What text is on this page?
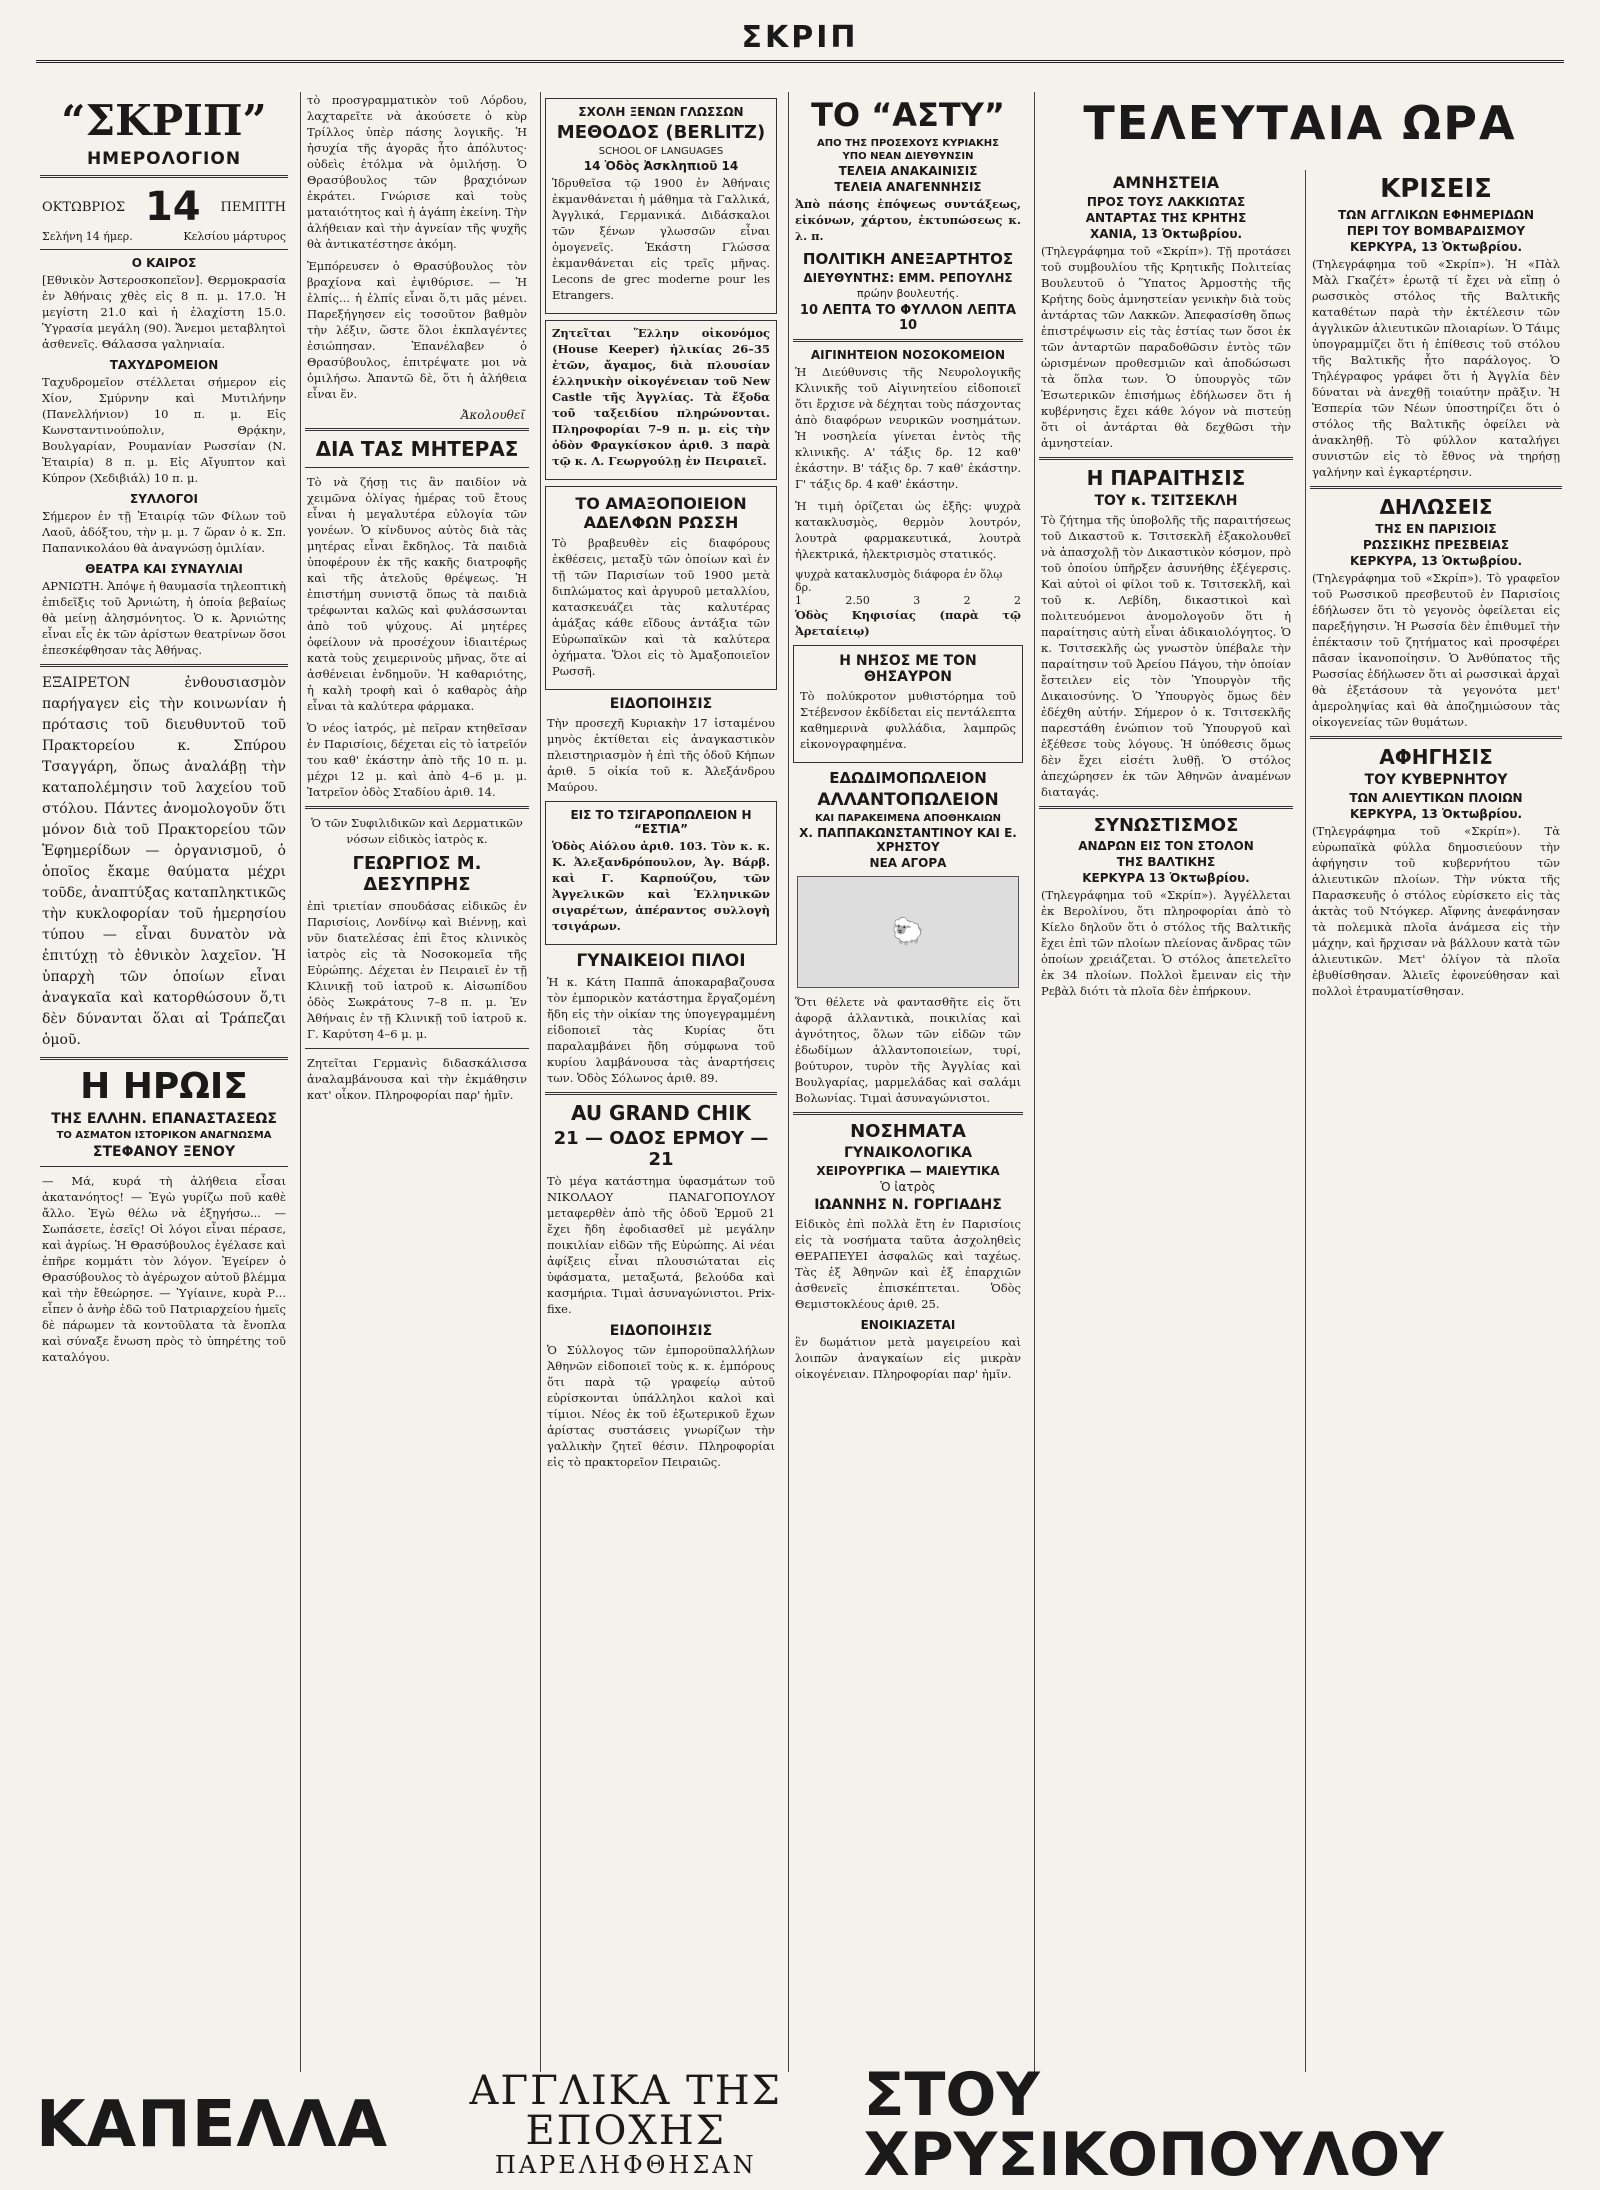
ΣΚΡΙΠ
“ΣΚΡΙΠ”
ΗΜΕΡΟΛΟΓΙΟΝ
ΟΚΤΩΒΡΙΟΣ 14 ΠΕΜΠΤΗ
Σελήνη 14 ήμερ.	Κελσίου μάρτυρος
Ο ΚΑΙΡΟΣ

[Εθνικὸν Ἀστεροσκοπεῖον]. Θερμοκρασία ἐν Ἀθήναις χθὲς εἰς 8 π. μ. 17.0. Ἡ μεγίστη 21.0 καὶ ἡ ἐλαχίστη 15.0. Ὑγρασία μεγάλη (90). Ἄνεμοι μεταβλητοὶ ἀσθενεῖς. Θάλασσα γαληνιαία.

ΤΑΧΥΔΡΟΜΕΙΟΝ

Ταχυδρομεῖον στέλλεται σήμερον εἰς Χίον, Σμύρνην καὶ Μυτιλήνην (Πανελλήνιον) 10 π. μ. Εἰς Κωνσταντινούπολιν, Θρᾴκην, Βουλγαρίαν, Ρουμανίαν Ρωσσίαν (Ν. Ἑταιρία) 8 π. μ. Εἰς Αἴγυπτον καὶ Κύπρον (Χεδιβιάλ) 10 π. μ.

ΣΥΛΛΟΓΟΙ

Σήμερον ἐν τῇ Ἑταιρίᾳ τῶν Φίλων τοῦ Λαοῦ, ἀδόξτου, τὴν μ. μ. 7 ὥραν ὁ κ. Σπ. Παπανικολάου θὰ ἀναγνώσῃ ὁμιλίαν.

ΘΕΑΤΡΑ ΚΑΙ ΣΥΝΑΥΛΙΑΙ

ΑΡΝΙΩΤΗ. Ἀπόψε ἡ θαυμασία τηλεοπτικὴ ἐπιδεῖξις τοῦ Ἀρνιώτη, ἡ ὁποία βεβαίως θὰ μείνῃ ἀλησμόνητος. Ὁ κ. Ἀρνιώτης εἶναι εἷς ἐκ τῶν ἀρίστων θεατρίνων ὅσοι ἐπεσκέφθησαν τὰς Ἀθήνας.

ΕΞΑΙΡΕΤΟΝ ἐνθουσιασμὸν παρήγαγεν εἰς τὴν κοινωνίαν ἡ πρότασις τοῦ διευθυντοῦ τοῦ Πρακτορείου κ. Σπύρου Τσαγγάρη, ὅπως ἀναλάβῃ τὴν καταπολέμησιν τοῦ λαχείου τοῦ στόλου. Πάντες ἀνομολογοῦν ὅτι μόνον διὰ τοῦ Πρακτορείου τῶν Ἐφημερίδων — ὀργανισμοῦ, ὁ ὁποῖος ἔκαμε θαύματα μέχρι τοῦδε, ἀναπτύξας καταπληκτικῶς τὴν κυκλοφορίαν τοῦ ἡμερησίου τύπου — εἶναι δυνατὸν νὰ ἐπιτύχῃ τὸ ἐθνικὸν λαχεῖον. Ἡ ὑπαρχὴ τῶν ὁποίων εἶναι ἀναγκαῖα καὶ κατορθώσουν ὅ,τι δὲν δύνανται ὅλαι αἱ Τράπεζαι ὁμοῦ.

Η ΗΡΩΙΣ
ΤΗΣ ΕΛΛΗΝ. ΕΠΑΝΑΣΤΑΣΕΩΣ
ΤΟ ΑΣΜΑΤΟΝ ΙΣΤΟΡΙΚΟΝ ΑΝΑΓΝΩΣΜΑ
ΣΤΕΦΑΝΟΥ ΞΕΝΟΥ

— Μά, κυρά τὴ ἀλήθεια εἶσαι ἀκατανόητος! — Ἐγὼ γυρίζω ποῦ καθὲ ἄλλο. Ἐγὼ θέλω νὰ ἐξηγήσω... — Σωπάσετε, ἐσεῖς! Οἱ λόγοι εἶναι πέρασε, καὶ ἀγρίως. Ἡ Θρασύβουλος ἐγέλασε καὶ ἐπῆρε κομμάτι τὸν λόγον. Ἐγείρεν ὁ Θρασύβουλος τὸ ἀγέρωχον αὐτοῦ βλέμμα καὶ τὴν ἔθεώρησε. — Ὑγίαινε, κυρὰ Ρ... εἶπεν ὁ ἀνὴρ ἐδῶ τοῦ Πατριαρχείου ἡμεῖς δὲ πάρωμεν τὰ κοντοῦλατα τὰ ἔνοπλα καὶ σύναξε ἔνωση πρὸς τὸ ὑπηρέτης τοῦ καταλόγου.

τὸ προσγραμματικὸν τοῦ Λόρδου, λαχταρεῖτε νὰ ἀκούσετε ὁ κὺρ Τρίλλος ὑπὲρ πάσης λογικῆς. Ἡ ἡσυχία τῆς ἀγορᾶς ἦτο ἀπόλυτος· οὐδεὶς ἐτόλμα νὰ ὁμιλήσῃ. Ὁ Θρασύβουλος τῶν βραχιόνων ἐκράτει. Γνώρισε καὶ τοὺς ματαιότητος καὶ ἡ ἀγάπη ἐκείνη. Τὴν ἀλήθειαν καὶ τὴν ἁγνείαν τῆς ψυχῆς θὰ ἀντικατέστησε ἀκόμη.

Ἐμπόρευσεν ὁ Θρασύβουλος τὸν βραχίονα καὶ ἐψιθύρισε. — Ἡ ἐλπίς... ἡ ἐλπίς εἶναι ὅ,τι μᾶς μένει. Παρεξήγησεν εἰς τοσοῦτον βαθμὸν τὴν λέξιν, ὥστε ὅλοι ἐκπλαγέντες ἐσιώπησαν. Ἐπανέλαβεν ὁ Θρασύβουλος, ἐπιτρέψατε μοι νὰ ὁμιλήσω. Ἀπαντῶ δὲ, ὅτι ἡ ἀλήθεια εἶναι ἕν.

Ἀκολουθεῖ
ΔΙΑ ΤΑΣ ΜΗΤΕΡΑΣ

Τὸ νὰ ζήσῃ τις ἂν παιδίον νὰ χειμῶνα ὀλίγας ἡμέρας τοῦ ἔτους εἶναι ἡ μεγαλυτέρα εὐλογία τῶν γονέων. Ὁ κίνδυνος αὐτὸς διὰ τὰς μητέρας εἶναι ἔκδηλος. Τὰ παιδιὰ ὑποφέρουν ἐκ τῆς κακῆς διατροφῆς καὶ τῆς ἀτελοῦς θρέψεως. Ἡ ἐπιστήμη συνιστᾷ ὅπως τὰ παιδιὰ τρέφωνται καλῶς καὶ φυλάσσωνται ἀπὸ τοῦ ψύχους. Αἱ μητέρες ὀφείλουν νὰ προσέχουν ἰδιαιτέρως κατὰ τοὺς χειμερινοὺς μῆνας, ὅτε αἱ ἀσθένειαι ἐνδημοῦν. Ἡ καθαριότης, ἡ καλὴ τροφὴ καὶ ὁ καθαρὸς ἀὴρ εἶναι τὰ καλύτερα φάρμακα.

Ὁ νέος ἰατρός, μὲ πεῖραν κτηθεῖσαν ἐν Παρισίοις, δέχεται εἰς τὸ ἰατρεῖόν του καθ' ἑκάστην ἀπὸ τῆς 10 π. μ. μέχρι 12 μ. καὶ ἀπὸ 4–6 μ. μ. Ἰατρεῖον ὁδὸς Σταδίου ἀριθ. 14.

Ὁ τῶν Συφιλιδικῶν καὶ Δερματικῶν νόσων εἰδικὸς ἰατρὸς κ.

ΓΕΩΡΓΙΟΣ Μ. ΔΕΣΥΠΡΗΣ

ἐπὶ τριετίαν σπουδάσας εἰδικῶς ἐν Παρισίοις, Λονδίνῳ καὶ Βιέννῃ, καὶ νῦν διατελέσας ἐπὶ ἔτος κλινικὸς ἰατρὸς εἰς τὰ Νοσοκομεῖα τῆς Εὐρώπης. Δέχεται ἐν Πειραιεῖ ἐν τῇ Κλινικῇ τοῦ ἰατροῦ κ. Αἰσωπίδου ὁδὸς Σωκράτους 7–8 π. μ. Ἐν Ἀθήναις ἐν τῇ Κλινικῇ τοῦ ἰατροῦ κ. Γ. Καρύτση 4–6 μ. μ.

Ζητεῖται Γερμανὶς διδασκάλισσα ἀναλαμβάνουσα καὶ τὴν ἐκμάθησιν κατ' οἶκον. Πληροφορίαι παρ' ἡμῖν.

ΣΧΟΛΗ ΞΕΝΩΝ ΓΛΩΣΣΩΝ
ΜΕΘΟΔΟΣ (BERLITZ)
SCHOOL OF LANGUAGES
14 Ὁδὸς Ἀσκληπιοῦ 14

Ἱδρυθεῖσα τῷ 1900 ἐν Ἀθήναις ἐκμανθάνεται ἡ μάθημα τὰ Γαλλικά, Ἀγγλικά, Γερμανικά. Διδάσκαλοι τῶν ξένων γλωσσῶν εἶναι ὁμογενεῖς. Ἐκάστη Γλώσσα ἐκμανθάνεται εἰς τρεῖς μῆνας. Lecons de grec moderne pour les Etrangers.

Ζητεῖται Ἕλλην οἰκονόμος (House Keeper) ἡλικίας 26–35 ἐτῶν, ἄγαμος, διὰ πλουσίαν ἑλληνικὴν οἰκογένειαν τοῦ New Castle τῆς Ἀγγλίας. Τὰ ἔξοδα τοῦ ταξειδίου πληρώνονται. Πληροφορίαι 7–9 π. μ. εἰς τὴν ὁδὸν Φραγκίσκον ἀριθ. 3 παρὰ τῷ κ. Λ. Γεωργούλῃ ἐν Πειραιεῖ.

ΤΟ ΑΜΑΞΟΠΟΙΕΙΟΝ ΑΔΕΛΦΩΝ ΡΩΣΣΗ

Τὸ βραβευθὲν εἰς διαφόρους ἐκθέσεις, μεταξὺ τῶν ὁποίων καὶ ἐν τῇ τῶν Παρισίων τοῦ 1900 μετὰ διπλώματος καὶ ἀργυροῦ μεταλλίου, κατασκευάζει τὰς καλυτέρας ἁμάξας κάθε εἴδους ἀντάξια τῶν Εὐρωπαϊκῶν καὶ τὰ καλύτερα ὀχήματα. Ὅλοι εἰς τὸ Ἀμαξοποιεῖον Ρωσσῆ.

ΕΙΔΟΠΟΙΗΣΙΣ

Τὴν προσεχῆ Κυριακὴν 17 ἰσταμένου μηνὸς ἐκτίθεται εἰς ἀναγκαστικὸν πλειστηριασμὸν ἡ ἐπὶ τῆς ὁδοῦ Κήπων ἀριθ. 5 οἰκία τοῦ κ. Ἀλεξάνδρου Μαύρου.

ΕΙΣ ΤΟ ΤΣΙΓΑΡΟΠΩΛΕΙΟΝ Η “ΕΣΤΙΑ”

Ὁδὸς Αἰόλου ἀριθ. 103. Τὸν κ. κ. Κ. Ἀλεξανδρόπουλον, Ἀγ. Βάρβ. καὶ Γ. Καρπούζου, τῶν Ἀγγελικῶν καὶ Ἑλληνικῶν σιγαρέτων, ἀπέραντος συλλογὴ τσιγάρων.

ΓΥΝΑΙΚΕΙΟΙ ΠΙΛΟΙ

Ἡ κ. Κάτη Παππᾶ ἀποκαραβαζουσα τὸν ἐμπορικὸν κατάστημα ἔργαζομένη ἤδη εἰς τὴν οἰκίαν της ὑπογεγραμμένη εἰδοποιεῖ τὰς Κυρίας ὅτι παραλαμβάνει ἤδη σύμφωνα τοῦ κυρίου λαμβάνουσα τὰς ἀναρτήσεις των. Ὁδὸς Σόλωνος ἀριθ. 89.

AU GRAND CHIK
21 — ΟΔΟΣ ΕΡΜΟΥ — 21

Τὸ μέγα κατάστημα ὑφασμάτων τοῦ ΝΙΚΟΛΑΟΥ ΠΑΝΑΓΟΠΟΥΛΟΥ μεταφερθὲν ἀπὸ τῆς ὁδοῦ Ἑρμοῦ 21 ἔχει ἤδη ἐφοδιασθεῖ μὲ μεγάλην ποικιλίαν εἰδῶν τῆς Εὐρώπης. Αἱ νέαι ἀφίξεις εἶναι πλουσιώταται εἰς ὑφάσματα, μεταξωτά, βελούδα καὶ κασμήρια. Τιμαὶ ἀσυναγώνιστοι. Prix-fixe.

ΕΙΔΟΠΟΙΗΣΙΣ

Ὁ Σύλλογος τῶν ἐμποροϋπαλλήλων Ἀθηνῶν εἰδοποιεῖ τοὺς κ. κ. ἐμπόρους ὅτι παρὰ τῷ γραφείῳ αὐτοῦ εὑρίσκονται ὑπάλληλοι καλοὶ καὶ τίμιοι. Νέος ἐκ τοῦ ἐξωτερικοῦ ἔχων ἀρίστας συστάσεις γνωρίζων τὴν γαλλικὴν ζητεῖ θέσιν. Πληροφορίαι εἰς τὸ πρακτορεῖον Πειραιῶς.

ΤΟ “ΑΣΤΥ”
ΑΠΟ ΤΗΣ ΠΡΟΣΕΧΟΥΣ ΚΥΡΙΑΚΗΣ
ΥΠΟ ΝΕΑΝ ΔΙΕΥΘΥΝΣΙΝ
ΤΕΛΕΙΑ ΑΝΑΚΑΙΝΙΣΙΣ
ΤΕΛΕΙΑ ΑΝΑΓΕΝΝΗΣΙΣ

Ἀπὸ πάσης ἐπόψεως συντάξεως, εἰκόνων, χάρτου, ἐκτυπώσεως κ. λ. π.

ΠΟΛΙΤΙΚΗ ΑΝΕΞΑΡΤΗΤΟΣ
ΔΙΕΥΘΥΝΤΗΣ: ΕΜΜ. ΡΕΠΟΥΛΗΣ
πρώην βουλευτής.
10 ΛΕΠΤΑ ΤΟ ΦΥΛΛΟΝ ΛΕΠΤΑ 10
ΑΙΓΙΝΗΤΕΙΟΝ ΝΟΣΟΚΟΜΕΙΟΝ

Ἡ Διεύθυνσις τῆς Νευρολογικῆς Κλινικῆς τοῦ Αἰγινητείου εἰδοποιεῖ ὅτι ἔρχισε νὰ δέχηται τοὺς πάσχοντας ἀπὸ διαφόρων νευρικῶν νοσημάτων. Ἡ νοσηλεία γίνεται ἐντὸς τῆς κλινικῆς. Α' τάξις δρ. 12 καθ' ἑκάστην. Β' τάξις δρ. 7 καθ' ἑκάστην. Γ' τάξις δρ. 4 καθ' ἑκάστην.

Ἡ τιμὴ ὁρίζεται ὡς ἑξῆς: ψυχρὰ κατακλυσμὸς, θερμὸν λουτρόν, λουτρὰ φαρμακευτικά, λουτρὰ ἠλεκτρικά, ἠλεκτρισμὸς στατικός.

ψυχρὰ κατακλυσμὸς διάφορα ἐν ὅλῳ δρ.
1	2.50	3	2	2

Ὁδὸς Κηφισίας (παρὰ τῷ Ἀρεταίειῳ)

Η ΝΗΣΟΣ ΜΕ ΤΟΝ ΘΗΣΑΥΡΟΝ

Τὸ πολύκροτον μυθιστόρημα τοῦ Στέβενσον ἐκδίδεται εἰς πεντάλεπτα καθημερινὰ φυλλάδια, λαμπρῶς εἰκονογραφημένα.

ΕΔΩΔΙΜΟΠΩΛΕΙΟΝ
ΑΛΛΑΝΤΟΠΩΛΕΙΟΝ
ΚΑΙ ΠΑΡΑΚΕΙΜΕΝΑ ΑΠΟΘΗΚΑΙΩΝ
Χ. ΠΑΠΠΑΚΩΝΣΤΑΝΤΙΝΟΥ ΚΑΙ Ε. ΧΡΗΣΤΟΥ
ΝΕΑ ΑΓΟΡΑ
🐑

Ὅτι θέλετε νὰ φαντασθῆτε εἰς ὅτι ἀφορᾷ ἀλλαντικὰ, ποικιλίας καὶ ἀγνότητος, ὅλων τῶν εἰδῶν τῶν ἐδωδίμων ἀλλαντοποιείων, τυρί, βούτυρον, τυρὸν τῆς Ἀγγλίας καὶ Βουλγαρίας, μαρμελάδας καὶ σαλάμι Βολωνίας. Τιμαὶ ἀσυναγώνιστοι.

ΝΟΣΗΜΑΤΑ
ΓΥΝΑΙΚΟΛΟΓΙΚΑ
ΧΕΙΡΟΥΡΓΙΚΑ — ΜΑΙΕΥΤΙΚΑ
Ὁ ἰατρὸς
ΙΩΑΝΝΗΣ Ν. ΓΟΡΓΙΑΔΗΣ

Εἰδικὸς ἐπὶ πολλὰ ἔτη ἐν Παρισίοις εἰς τὰ νοσήματα ταῦτα ἀσχοληθεὶς ΘΕΡΑΠΕΥΕΙ ἀσφαλῶς καὶ ταχέως. Τὰς ἐξ Ἀθηνῶν καὶ ἐξ ἐπαρχιῶν ἀσθενεῖς ἐπισκέπτεται. Ὁδὸς Θεμιστοκλέους ἀριθ. 25.

ΕΝΟΙΚΙΑΖΕΤΑΙ

ἓν δωμάτιον μετὰ μαγειρείου καὶ λοιπῶν ἀναγκαίων εἰς μικρὰν οἰκογένειαν. Πληροφορίαι παρ' ἡμῖν.

ΤΕΛΕΥΤΑΙΑ ΩΡΑ
ΑΜΝΗΣΤΕΙΑ
ΠΡΟΣ ΤΟΥΣ ΛΑΚΚΙΩΤΑΣ
ΑΝΤΑΡΤΑΣ ΤΗΣ ΚΡΗΤΗΣ
ΧΑΝΙΑ, 13 Ὀκτωβρίου.

(Τηλεγράφημα τοῦ «Σκρίπ»). Τῇ προτάσει τοῦ συμβουλίου τῆς Κρητικῆς Πολιτείας Βουλευτοῦ ὁ Ὕπατος Ἁρμοστὴς τῆς Κρήτης δοὺς ἀμνηστείαν γενικὴν διὰ τοὺς ἀντάρτας τῶν Λακκῶν. Ἀπεφασίσθη ὅπως ἐπιστρέψωσιν εἰς τὰς ἑστίας των ὅσοι ἐκ τῶν ἀνταρτῶν παραδοθῶσιν ἐντὸς τῶν ὡρισμένων προθεσμιῶν καὶ ἀποδώσωσι τὰ ὅπλα των. Ὁ ὑπουργὸς τῶν Ἐσωτερικῶν ἐπισήμως ἐδήλωσεν ὅτι ἡ κυβέρνησις ἔχει κάθε λόγον νὰ πιστεύῃ ὅτι οἱ ἀντάρται θὰ δεχθῶσι τὴν ἀμνηστείαν.

Η ΠΑΡΑΙΤΗΣΙΣ
ΤΟΥ κ. ΤΣΙΤΣΕΚΛΗ

Τὸ ζήτημα τῆς ὑποβολῆς τῆς παραιτήσεως τοῦ Δικαστοῦ κ. Τσιτσεκλῆ ἐξακολουθεῖ νὰ ἀπασχολῇ τὸν Δικαστικὸν κόσμον, πρὸ τοῦ ὁποίου ὑπῆρξεν ἀσυνήθης ἐξέγερσις. Καὶ αὐτοὶ οἱ φίλοι τοῦ κ. Τσιτσεκλῆ, καὶ τοῦ κ. Λεβίδη, δικαστικοὶ καὶ πολιτευόμενοι ἀνομολογοῦν ὅτι ἡ παραίτησις αὐτὴ εἶναι ἀδικαιολόγητος. Ὁ κ. Τσιτσεκλῆς ὡς γνωστὸν ὑπέβαλε τὴν παραίτησιν τοῦ Ἀρείου Πάγου, τὴν ὁποίαν ἔστειλεν εἰς τὸν Ὑπουργὸν τῆς Δικαιοσύνης. Ὁ Ὑπουργὸς ὅμως δὲν ἐδέχθη αὐτήν. Σήμερον ὁ κ. Τσιτσεκλῆς παρεστάθη ἐνώπιον τοῦ Ὑπουργοῦ καὶ ἐξέθεσε τοὺς λόγους. Ἡ ὑπόθεσις ὅμως δὲν ἔχει εἰσέτι λυθῇ. Ὁ στόλος ἀπεχώρησεν ἐκ τῶν Ἀθηνῶν ἀναμένων διαταγάς.

ΣΥΝΩΣΤΙΣΜΟΣ
ΑΝΔΡΩΝ ΕΙΣ ΤΟΝ ΣΤΟΛΟΝ
ΤΗΣ ΒΑΛΤΙΚΗΣ
ΚΕΡΚΥΡΑ 13 Ὀκτωβρίου.

(Τηλεγράφημα τοῦ «Σκρίπ»). Ἀγγέλλεται ἐκ Βερολίνου, ὅτι πληροφορίαι ἀπὸ τὸ Κίελο δηλοῦν ὅτι ὁ στόλος τῆς Βαλτικῆς ἔχει ἐπὶ τῶν πλοίων πλείονας ἄνδρας τῶν ὁποίων χρειάζεται. Ὁ στόλος ἀπετελεῖτο ἐκ 34 πλοίων. Πολλοὶ ἔμειναν εἰς τὴν Ρεβὰλ διότι τὰ πλοῖα δὲν ἐπήρκουν.

ΚΡΙΣΕΙΣ
ΤΩΝ ΑΓΓΛΙΚΩΝ ΕΦΗΜΕΡΙΔΩΝ
ΠΕΡΙ ΤΟΥ ΒΟΜΒΑΡΔΙΣΜΟΥ
ΚΕΡΚΥΡΑ, 13 Ὀκτωβρίου.

(Τηλεγράφημα τοῦ «Σκρίπ»). Ἡ «Πὰλ Μὰλ Γκαζέτ» ἐρωτᾷ τί ἔχει νὰ εἴπῃ ὁ ρωσσικὸς στόλος τῆς Βαλτικῆς καταθέτων παρὰ τὴν ἐκτέλεσιν τῶν ἀγγλικῶν ἁλιευτικῶν πλοιαρίων. Ὁ Τάιμς ὑπογραμμίζει ὅτι ἡ ἐπίθεσις τοῦ στόλου τῆς Βαλτικῆς ἦτο παράλογος. Ὁ Τηλέγραφος γράφει ὅτι ἡ Ἀγγλία δὲν δύναται νὰ ἀνεχθῇ τοιαύτην πρᾶξιν. Ἡ Ἑσπερία τῶν Νέων ὑποστηρίζει ὅτι ὁ στόλος τῆς Βαλτικῆς ὀφείλει νὰ ἀνακληθῇ. Τὸ φύλλον καταλήγει συνιστῶν εἰς τὸ ἔθνος νὰ τηρήσῃ γαλήνην καὶ ἐγκαρτέρησιν.

ΔΗΛΩΣΕΙΣ
ΤΗΣ ΕΝ ΠΑΡΙΣΙΟΙΣ
ΡΩΣΣΙΚΗΣ ΠΡΕΣΒΕΙΑΣ
ΚΕΡΚΥΡΑ, 13 Ὀκτωβρίου.

(Τηλεγράφημα τοῦ «Σκρίπ»). Τὸ γραφεῖον τοῦ Ρωσσικοῦ πρεσβευτοῦ ἐν Παρισίοις ἐδήλωσεν ὅτι τὸ γεγονὸς ὀφείλεται εἰς παρεξήγησιν. Ἡ Ρωσσία δὲν ἐπιθυμεῖ τὴν ἐπέκτασιν τοῦ ζητήματος καὶ προσφέρει πᾶσαν ἱκανοποίησιν. Ὁ Ἀνθύπατος τῆς Ρωσσίας ἐδήλωσεν ὅτι αἱ ρωσσικαὶ ἀρχαὶ θὰ ἐξετάσουν τὰ γεγονότα μετ' ἀμεροληψίας καὶ θὰ ἀποζημιώσουν τὰς οἰκογενείας τῶν θυμάτων.

ΑΦΗΓΗΣΙΣ
ΤΟΥ ΚΥΒΕΡΝΗΤΟΥ
ΤΩΝ ΑΛΙΕΥΤΙΚΩΝ ΠΛΟΙΩΝ
ΚΕΡΚΥΡΑ, 13 Ὀκτωβρίου.

(Τηλεγράφημα τοῦ «Σκρίπ»). Τὰ εὐρωπαϊκὰ φύλλα δημοσιεύουν τὴν ἀφήγησιν τοῦ κυβερνήτου τῶν ἁλιευτικῶν πλοίων. Τὴν νύκτα τῆς Παρασκευῆς ὁ στόλος εὑρίσκετο εἰς τὰς ἀκτὰς τοῦ Ντόγκερ. Αἴφνης ἀνεφάνησαν τὰ πολεμικὰ πλοῖα ἀνάμεσα εἰς τὴν μάχην, καὶ ἤρχισαν νὰ βάλλουν κατὰ τῶν ἁλιευτικῶν. Μετ' ὀλίγον τὰ πλοῖα ἐβυθίσθησαν. Ἁλιεῖς ἐφονεύθησαν καὶ πολλοὶ ἐτραυματίσθησαν.

ΚΑΠΕΛΛΑ	ΑΓΓΛΙΚΑ ΤΗΣ ΕΠΟΧΗΣ
ΠΑΡΕΛΗΦΘΗΣΑΝ
ΣΤΟΥ ΧΡΥΣΙΚΟΠΟΥΛΟΥ
